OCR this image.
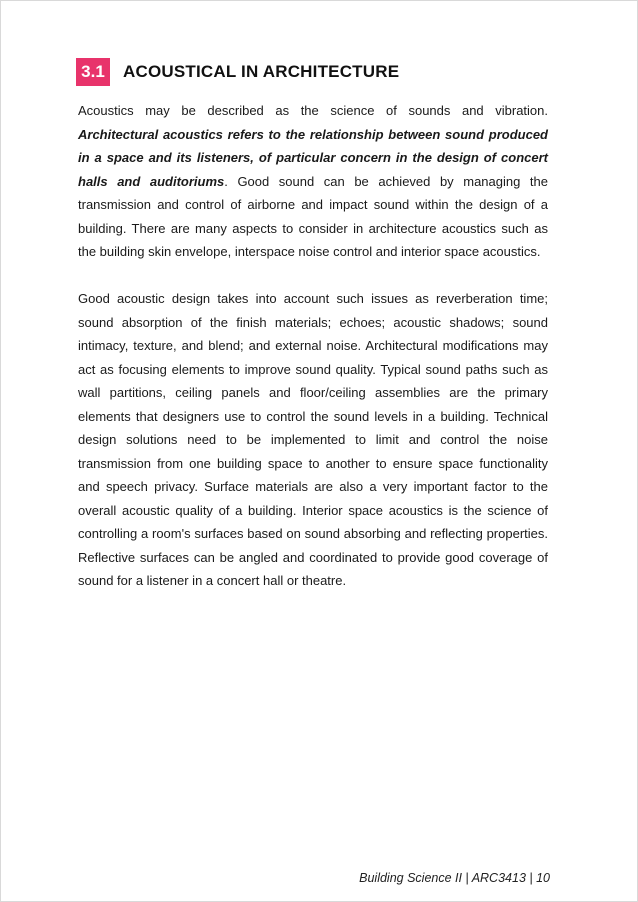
3.1	ACOUSTICAL IN ARCHITECTURE

Acoustics may be described as the science of sounds and vibration. Architectural acoustics refers to the relationship between sound produced in a space and its listeners, of particular concern in the design of concert halls and auditoriums. Good sound can be achieved by managing the transmission and control of airborne and impact sound within the design of a building. There are many aspects to consider in architecture acoustics such as the building skin envelope, interspace noise control and interior space acoustics.

Good acoustic design takes into account such issues as reverberation time; sound absorption of the finish materials; echoes; acoustic shadows; sound intimacy, texture, and blend; and external noise. Architectural modifications may act as focusing elements to improve sound quality. Typical sound paths such as wall partitions, ceiling panels and floor/ceiling assemblies are the primary elements that designers use to control the sound levels in a building. Technical design solutions need to be implemented to limit and control the noise transmission from one building space to another to ensure space functionality and speech privacy. Surface materials are also a very important factor to the overall acoustic quality of a building. Interior space acoustics is the science of controlling a room's surfaces based on sound absorbing and reflecting properties. Reflective surfaces can be angled and coordinated to provide good coverage of sound for a listener in a concert hall or theatre.

Building Science II | ARC3413 | 10
